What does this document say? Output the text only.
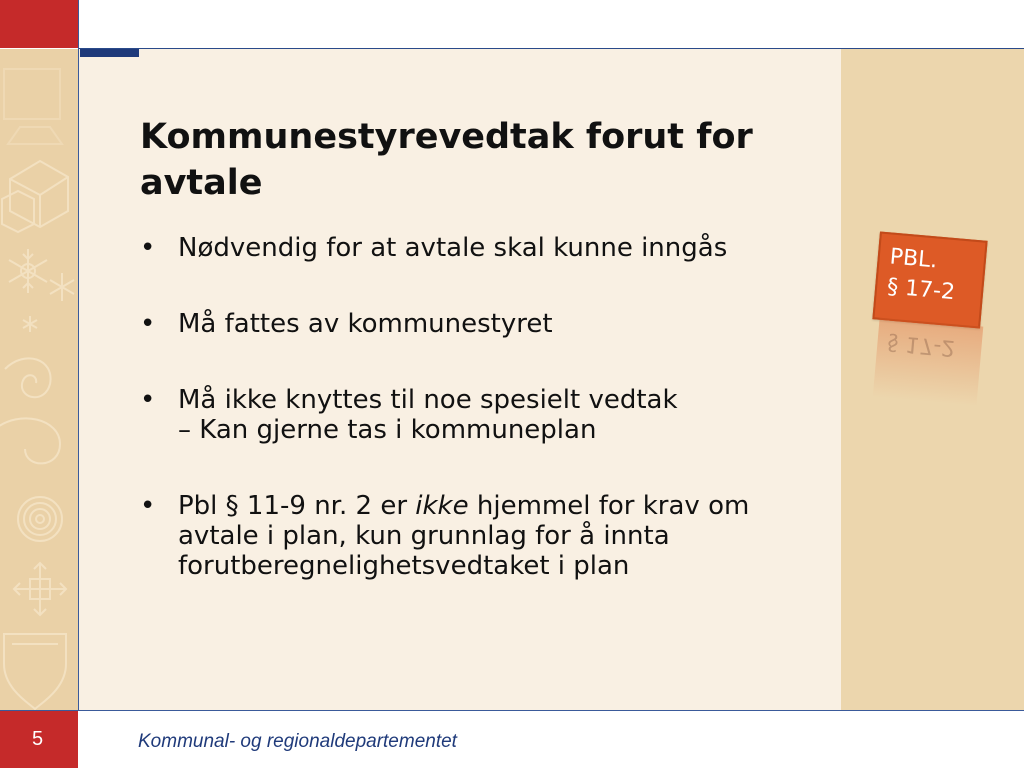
Kommunestyrevedtak forut for avtale
• Nødvendig for at avtale skal kunne inngås
• Må fattes av kommunestyret
• Må ikke knyttes til noe spesielt vedtak
– Kan gjerne tas i kommuneplan
• Pbl § 11-9 nr. 2 er ikke hjemmel for krav om avtale i plan, kun grunnlag for å innta forutberegnelighetsvedtaket i plan
PBL.
§ 17-2
§ 17-2
5	Kommunal- og regionaldepartementet
